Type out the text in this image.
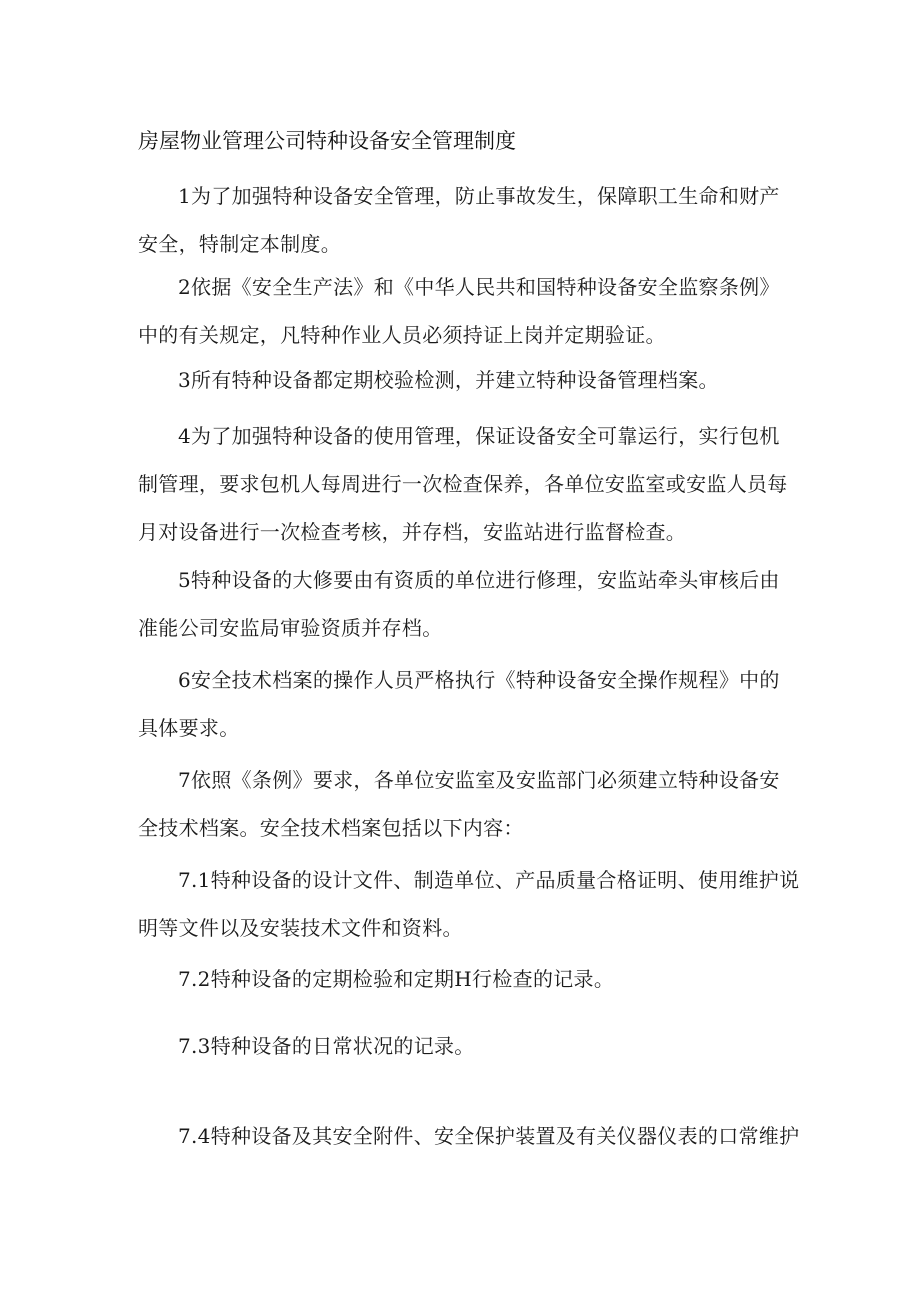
房屋物业管理公司特种设备安全管理制度
1为了加强特种设备安全管理，防止事故发生，保障职工生命和财产
安全，特制定本制度。
2依据《安全生产法》和《中华人民共和国特种设备安全监察条例》
中的有关规定，凡特种作业人员必须持证上岗并定期验证。
3所有特种设备都定期校验检测，并建立特种设备管理档案。
4为了加强特种设备的使用管理，保证设备安全可靠运行，实行包机
制管理，要求包机人每周进行一次检查保养，各单位安监室或安监人员每
月对设备进行一次检查考核，并存档，安监站进行监督检查。
5特种设备的大修要由有资质的单位进行修理，安监站牵头审核后由
准能公司安监局审验资质并存档。
6安全技术档案的操作人员严格执行《特种设备安全操作规程》中的
具体要求。
7依照《条例》要求，各单位安监室及安监部门必须建立特种设备安
全技术档案。安全技术档案包括以下内容：
7.1特种设备的设计文件、制造单位、产品质量合格证明、使用维护说
明等文件以及安装技术文件和资料。
7.2特种设备的定期检验和定期H行检查的记录。
7.3特种设备的日常状况的记录。
7.4特种设备及其安全附件、安全保护装置及有关仪器仪表的口常维护
